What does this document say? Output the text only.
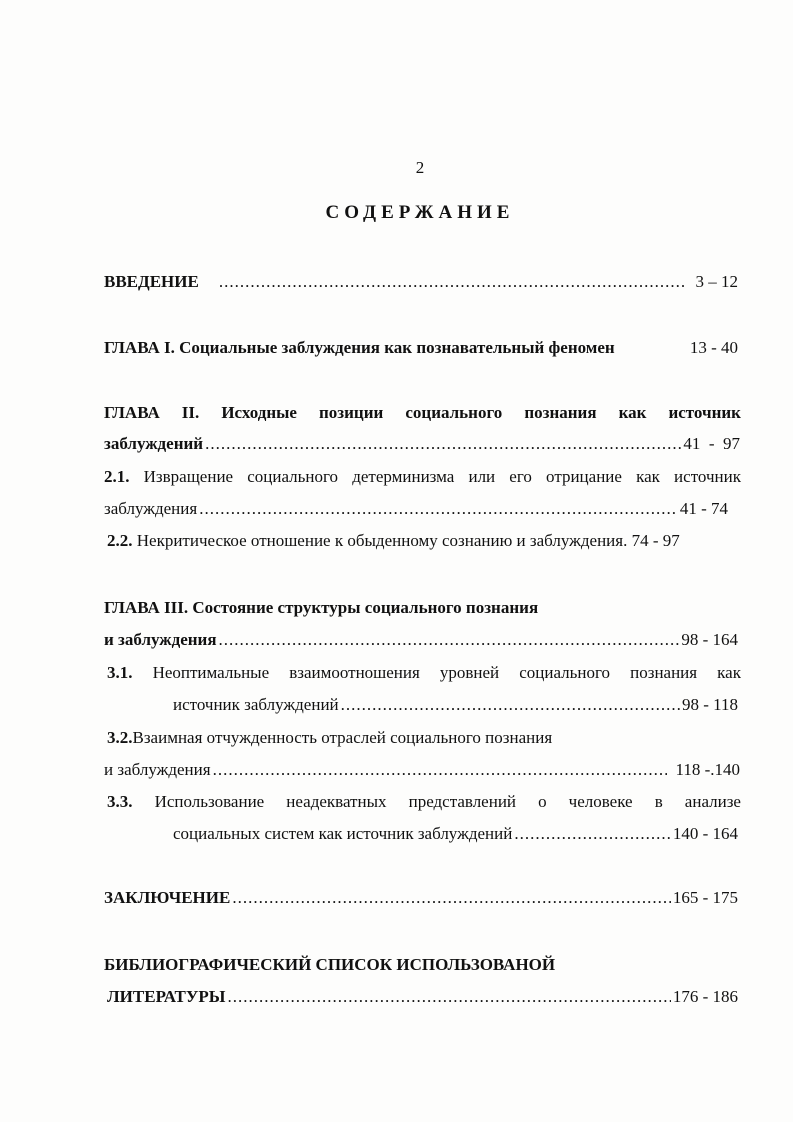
2
СОДЕРЖАНИЕ
ВВЕДЕНИЕ .....	3 – 12
ГЛАВА I. Социальные заблуждения как познавательный феномен	13 - 40
ГЛАВА II. Исходные позиции социального познания как источник
заблуждений .....	41  -  97
2.1. Извращение социального детерминизма или его отрицание как источник
заблуждения .....	41 - 74
2.2. Некритическое отношение к обыденному сознанию и заблуждения. 74 - 97
ГЛАВА III. Состояние структуры социального познания
и заблуждения .....	98 - 164
3.1. Неоптимальные взаимоотношения уровней социального познания как
источник заблуждений .....	98 - 118
3.2.Взаимная отчужденность отраслей социального познания
и заблуждения .....	118 -.140
3.3. Использование неадекватных представлений о человеке в анализе
социальных систем как источник заблуждений .....	140 - 164
ЗАКЛЮЧЕНИЕ .....	165 - 175
БИБЛИОГРАФИЧЕСКИЙ СПИСОК ИСПОЛЬЗОВАНОЙ
ЛИТЕРАТУРЫ .....	176 - 186
